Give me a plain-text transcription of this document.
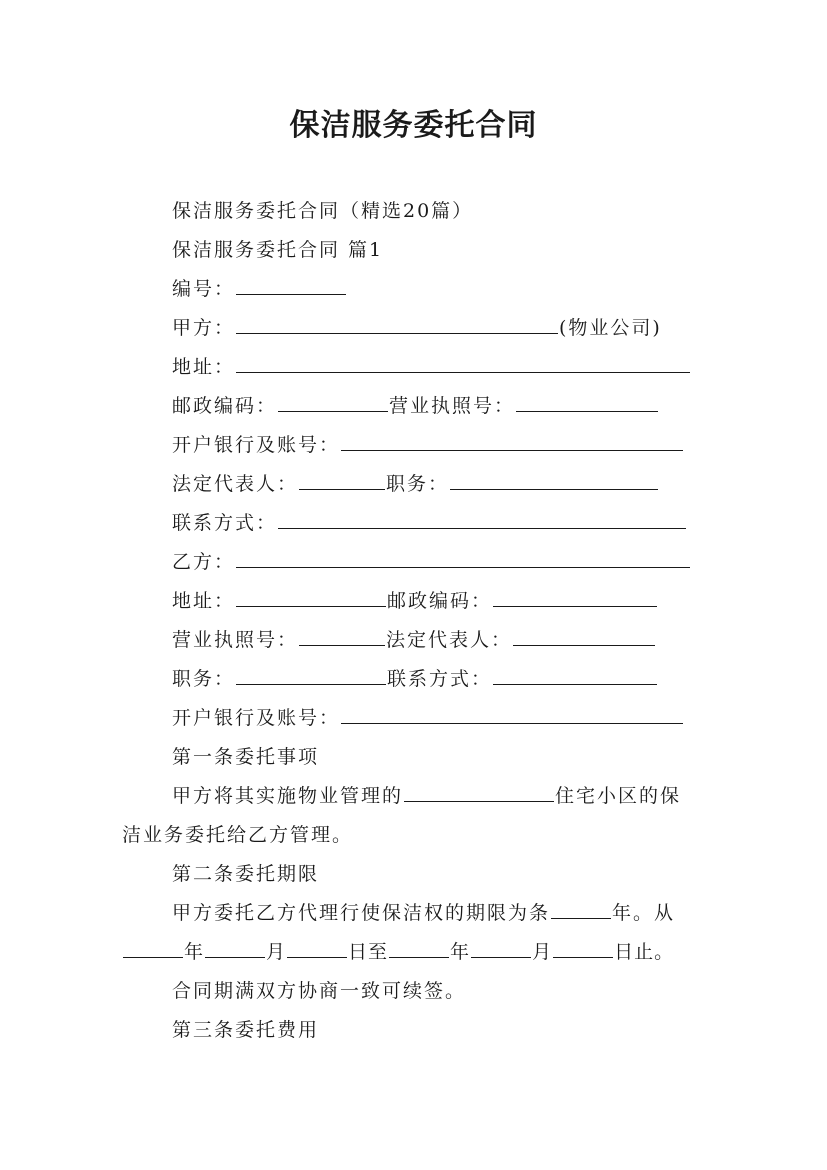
保洁服务委托合同
保洁服务委托合同（精选20篇）
保洁服务委托合同 篇1
编号：
甲方：	(物业公司)
地址：
邮政编码：	营业执照号：
开户银行及账号：
法定代表人：	职务：
联系方式：
乙方：
地址：	邮政编码：
营业执照号：	法定代表人：
职务：	联系方式：
开户银行及账号：
第一条委托事项
甲方将其实施物业管理的	住宅小区的保
洁业务委托给乙方管理。
第二条委托期限
甲方委托乙方代理行使保洁权的期限为条	年。从
年	月	日至	年	月	日止。
合同期满双方协商一致可续签。
第三条委托费用
